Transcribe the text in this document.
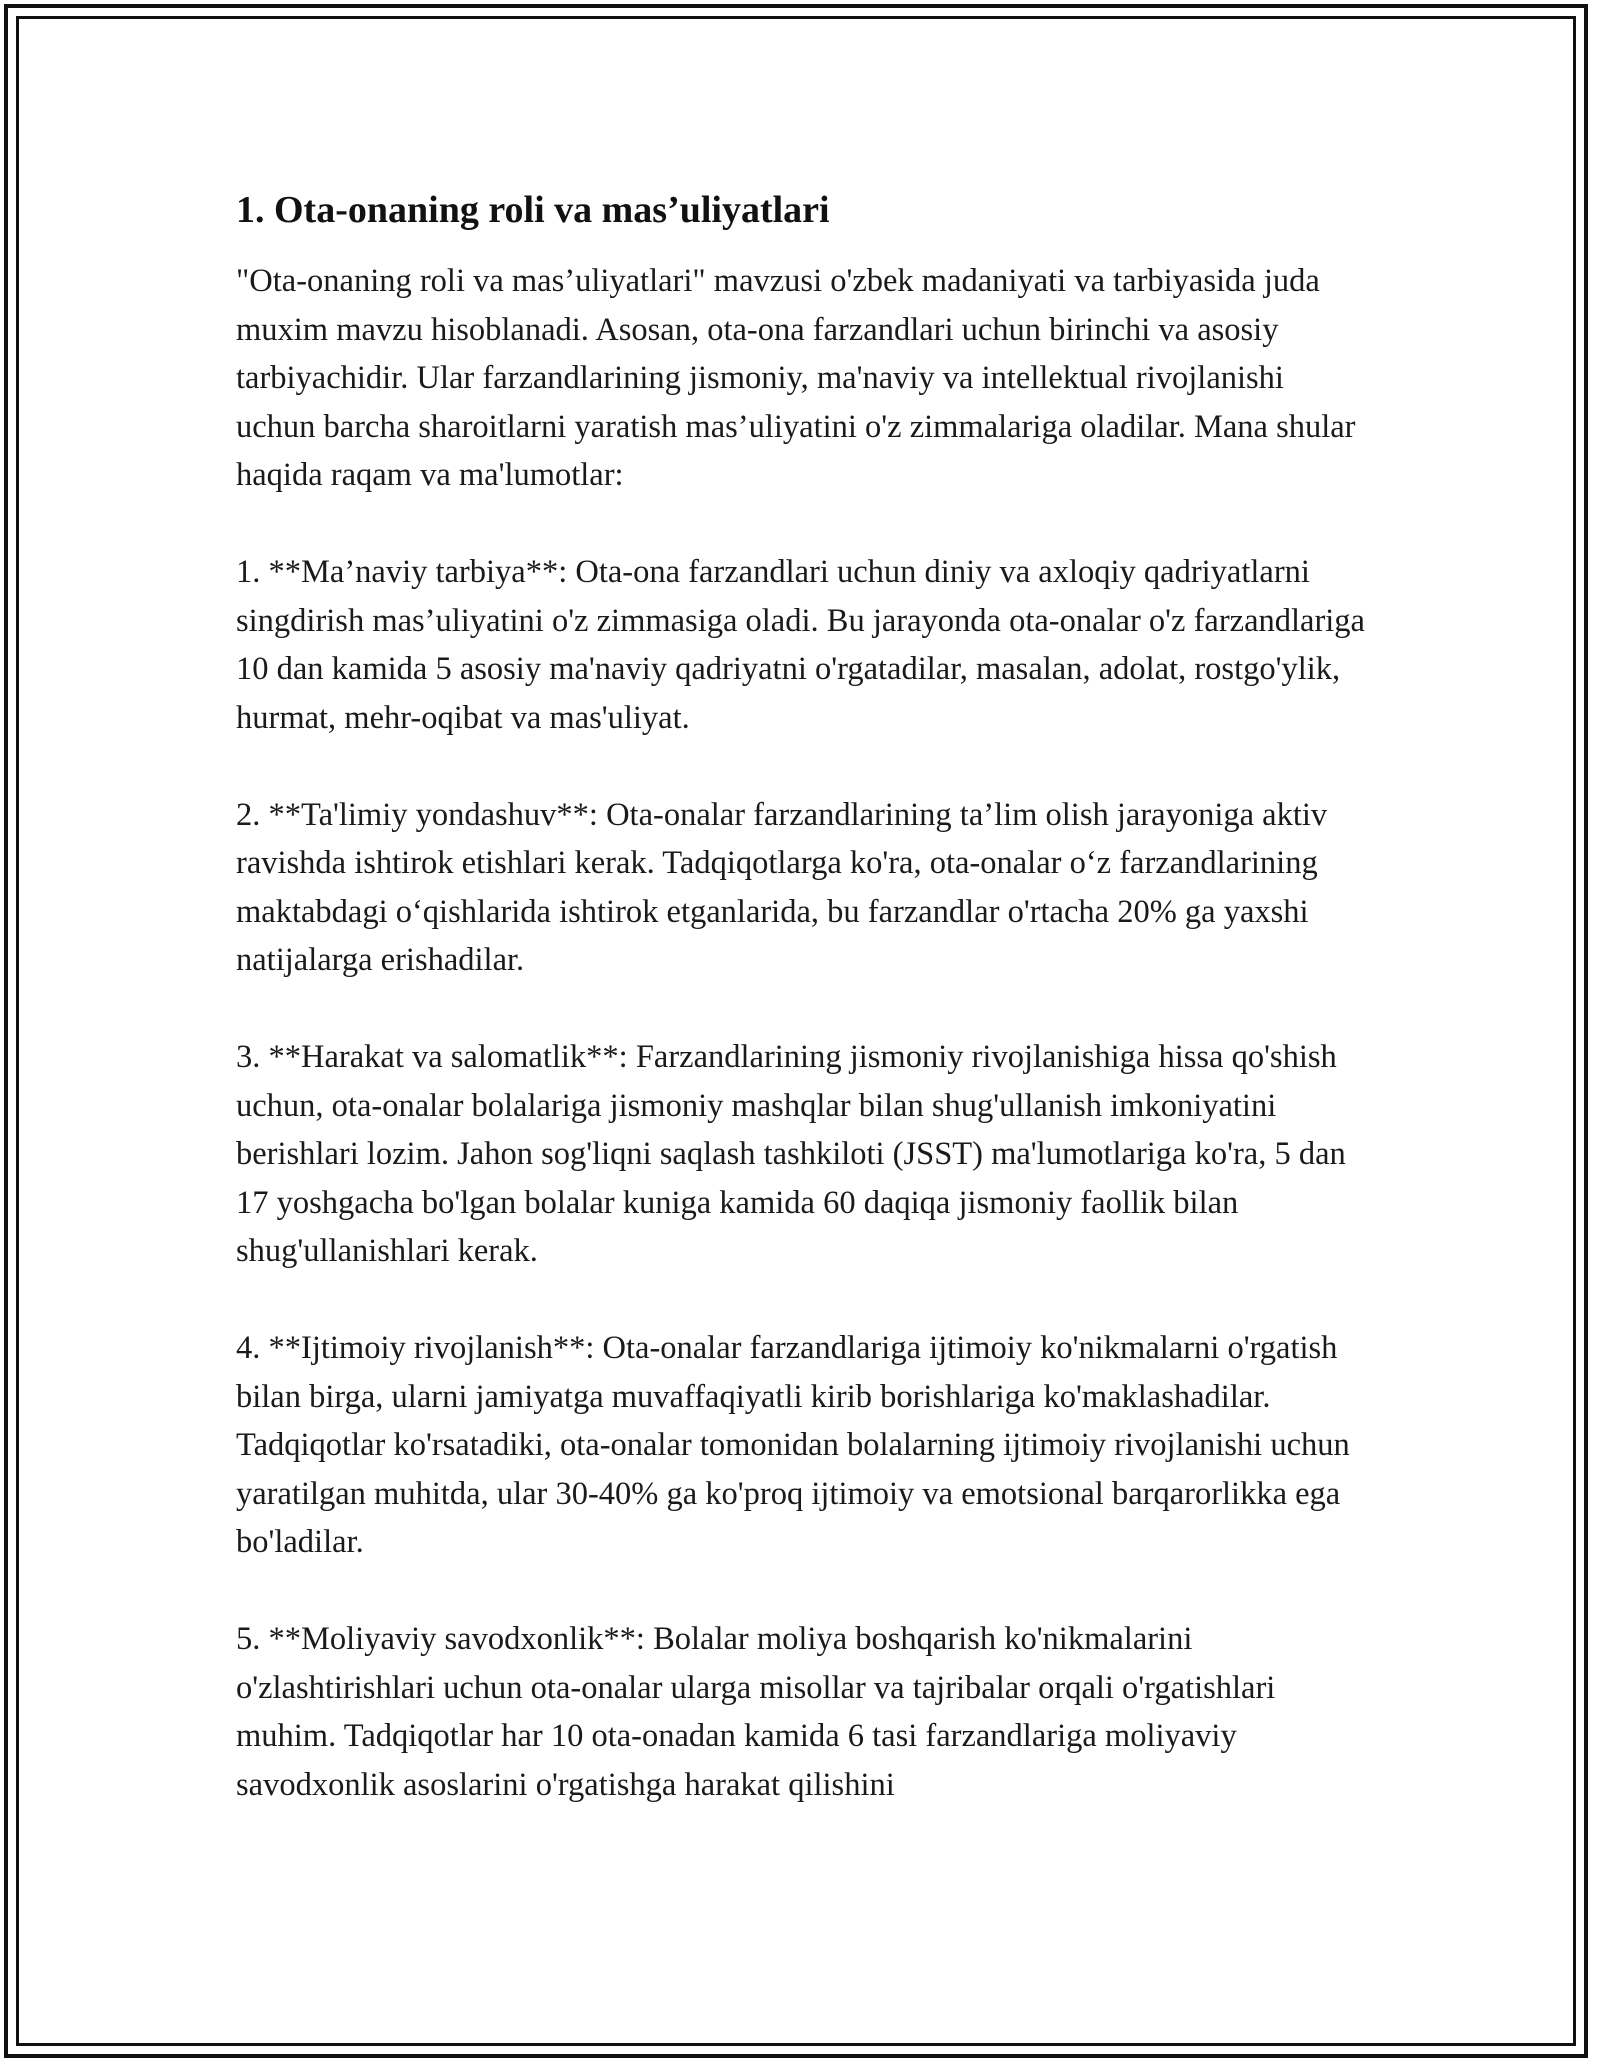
1. Ota-onaning roli va mas’uliyatlari

"Ota-onaning roli va mas’uliyatlari" mavzusi o'zbek madaniyati va tarbiyasida juda muxim mavzu hisoblanadi. Asosan, ota-ona farzandlari uchun birinchi va asosiy tarbiyachidir. Ular farzandlarining jismoniy, ma'naviy va intellektual rivojlanishi uchun barcha sharoitlarni yaratish mas’uliyatini o'z zimmalariga oladilar. Mana shular haqida raqam va ma'lumotlar:

1. **Ma’naviy tarbiya**: Ota-ona farzandlari uchun diniy va axloqiy qadriyatlarni singdirish mas’uliyatini o'z zimmasiga oladi. Bu jarayonda ota-onalar o'z farzandlariga 10 dan kamida 5 asosiy ma'naviy qadriyatni o'rgatadilar, masalan, adolat, rostgo'ylik, hurmat, mehr-oqibat va mas'uliyat.

2. **Ta'limiy yondashuv**: Ota-onalar farzandlarining ta’lim olish jarayoniga aktiv ravishda ishtirok etishlari kerak. Tadqiqotlarga ko'ra, ota-onalar o‘z farzandlarining maktabdagi o‘qishlarida ishtirok etganlarida, bu farzandlar o'rtacha 20% ga yaxshi natijalarga erishadilar.

3. **Harakat va salomatlik**: Farzandlarining jismoniy rivojlanishiga hissa qo'shish uchun, ota-onalar bolalariga jismoniy mashqlar bilan shug'ullanish imkoniyatini berishlari lozim. Jahon sog'liqni saqlash tashkiloti (JSST) ma'lumotlariga ko'ra, 5 dan 17 yoshgacha bo'lgan bolalar kuniga kamida 60 daqiqa jismoniy faollik bilan shug'ullanishlari kerak.

4. **Ijtimoiy rivojlanish**: Ota-onalar farzandlariga ijtimoiy ko'nikmalarni o'rgatish bilan birga, ularni jamiyatga muvaffaqiyatli kirib borishlariga ko'maklashadilar. Tadqiqotlar ko'rsatadiki, ota-onalar tomonidan bolalarning ijtimoiy rivojlanishi uchun yaratilgan muhitda, ular 30-40% ga ko'proq ijtimoiy va emotsional barqarorlikka ega bo'ladilar.

5. **Moliyaviy savodxonlik**: Bolalar moliya boshqarish ko'nikmalarini o'zlashtirishlari uchun ota-onalar ularga misollar va tajribalar orqali o'rgatishlari muhim. Tadqiqotlar har 10 ota-onadan kamida 6 tasi farzandlariga moliyaviy savodxonlik asoslarini o'rgatishga harakat qilishini
